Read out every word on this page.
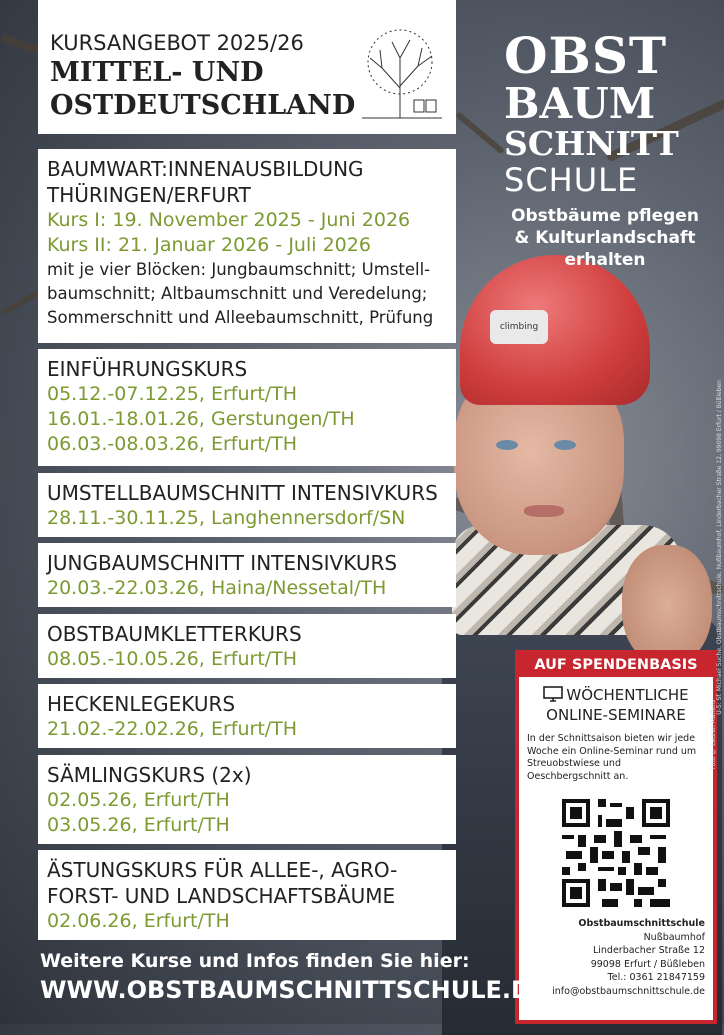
climbing
KURSANGEBOT 2025/26
MITTEL- UND
OSTDEUTSCHLAND
BAUMWART:INNENAUSBILDUNG
THÜRINGEN/ERFURT
Kurs I: 19. November 2025 - Juni 2026
Kurs II: 21. Januar 2026 - Juli 2026
mit je vier Blöcken: Jungbaumschnitt; Umstell-
baumschnitt; Altbaumschnitt und Veredelung;
Sommerschnitt und Alleebaumschnitt, Prüfung
EINFÜHRUNGSKURS
05.12.-07.12.25, Erfurt/TH
16.01.-18.01.26, Gerstungen/TH
06.03.-08.03.26, Erfurt/TH
UMSTELLBAUMSCHNITT INTENSIVKURS
28.11.-30.11.25, Langhennersdorf/SN
JUNGBAUMSCHNITT INTENSIVKURS
20.03.-22.03.26, Haina/Nessetal/TH
OBSTBAUMKLETTERKURS
08.05.-10.05.26, Erfurt/TH
HECKENLEGEKURS
21.02.-22.02.26, Erfurt/TH
SÄMLINGSKURS (2x)
02.05.26, Erfurt/TH
03.05.26, Erfurt/TH
ÄSTUNGSKURS FÜR ALLEE-, AGRO-
FORST- UND LANDSCHAFTSBÄUME
02.06.26, Erfurt/TH
OBST
BAUM
SCHNITT
SCHULE
Obstbäume pflegen
& Kulturlandschaft
erhalten
AUF SPENDENBASIS
WÖCHENTLICHE
ONLINE-SEMINARE
In der Schnittsaison bieten wir jede Woche ein Online-Seminar rund um Streuobstwiese und Oeschbergschnitt an.
Obstbaumschnittschule
Nußbaumhof
Linderbacher Straße 12
99098 Erfurt / Büßleben
Tel.: 0361 21847159
info@obstbaumschnittschule.de
Foto © Lauren Malfens
Ü-S: Sf. Michael Suche, Obstbaumschnittschule, Nußbaumhof, Linderbacher Straße 12, 99098 Erfurt / Büßleben
Weitere Kurse und Infos finden Sie hier:
WWW.OBSTBAUMSCHNITTSCHULE.DE
